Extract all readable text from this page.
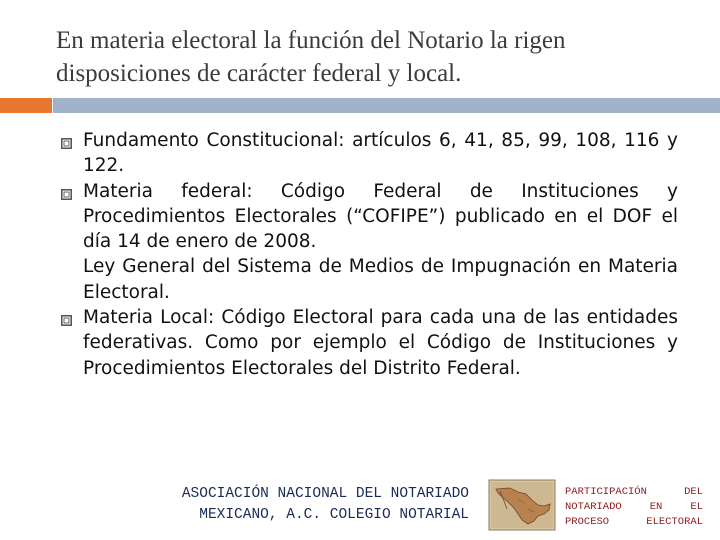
En materia electoral la función del Notario la rigen disposiciones de carácter federal y local.
Fundamento Constitucional: artículos 6, 41, 85, 99, 108, 116 y 122.
Materia federal: Código Federal de Instituciones y Procedimientos Electorales (“COFIPE”) publicado en el DOF el día 14 de enero de 2008.
Ley General del Sistema de Medios de Impugnación en Materia Electoral.
Materia Local: Código Electoral para cada una de las entidades federativas. Como por ejemplo el Código de Instituciones y Procedimientos Electorales del Distrito Federal.
ASOCIACIÓN NACIONAL DEL NOTARIADO
MEXICANO, A.C. COLEGIO NOTARIAL
PARTICIPACIÓN DEL
NOTARIADO EN EL
PROCESO ELECTORAL
